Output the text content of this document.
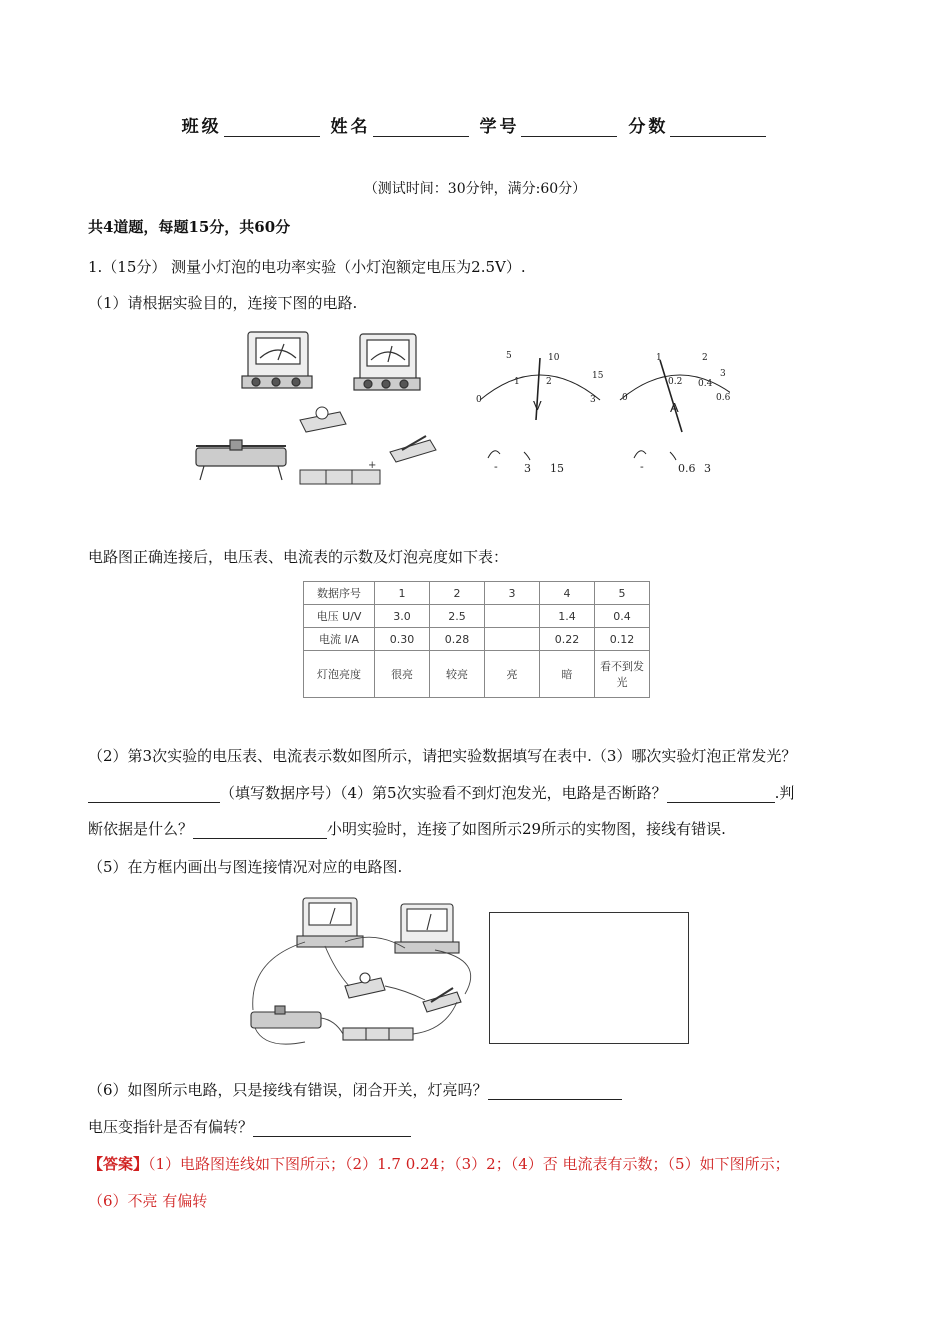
班级	姓名	学号	分数
（测试时间：30分钟，满分:60分）
共4道题，每题15分，共60分
1.（15分） 测量小灯泡的电功率实验（小灯泡额定电压为2.5V）.
（1）请根据实验目的，连接下图的电路.
+
V
5	10
15
0
1	2
3
- 3 15
A
1	2
3
0
0.2 0.4
0.6
-	0.6 3
电路图正确连接后，电压表、电流表的示数及灯泡亮度如下表：
数据序号	1	2	3	4	5
电压 U/V	3.0	2.5		1.4	0.4
电流 I/A	0.30	0.28		0.22	0.12
灯泡亮度	很亮	较亮	亮	暗	看不到发光
（2）第3次实验的电压表、电流表示数如图所示，请把实验数据填写在表中.（3）哪次实验灯泡正常发光？
（填写数据序号）（4）第5次实验看不到灯泡发光，电路是否断路？	.判
断依据是什么？	小明实验时，连接了如图所示29所示的实物图，接线有错误.
（5）在方框内画出与图连接情况对应的电路图.
（6）如图所示电路，只是接线有错误，闭合开关，灯亮吗？
电压变指针是否有偏转？
【答案】（1）电路图连线如下图所示；（2）1.7 0.24；（3）2；（4）否 电流表有示数；（5）如下图所示；
（6）不亮 有偏转
